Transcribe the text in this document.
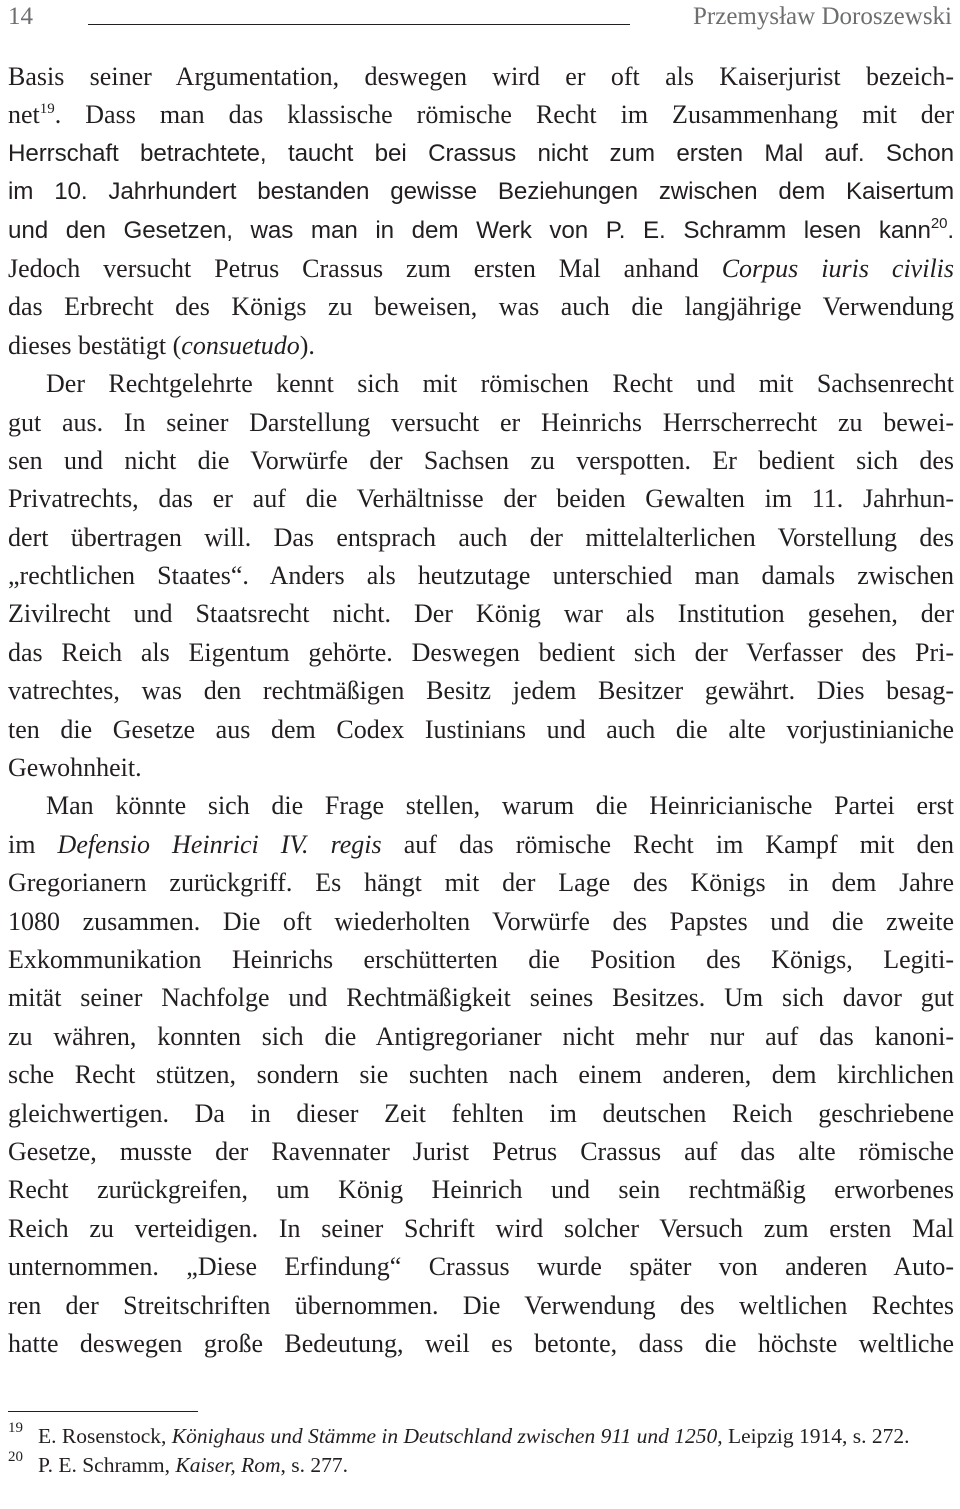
14	Przemysław Doroszewski
Basis seiner Argumentation, deswegen wird er oft als Kaiserjurist bezeich-
net$^{19}$. Dass man das klassische römische Recht im Zusammenhang mit der
Herrschaft betrachtete, taucht bei Crassus nicht zum ersten Mal auf. Schon
im 10. Jahrhundert bestanden gewisse Beziehungen zwischen dem Kaisertum
und den Gesetzen, was man in dem Werk von P. E. Schramm lesen kann$^{20}$.
Jedoch versucht Petrus Crassus zum ersten Mal anhand Corpus iuris civilis
das Erbrecht des Königs zu beweisen, was auch die langjährige Verwendung
dieses bestätigt (consuetudo).
Der Rechtgelehrte kennt sich mit römischen Recht und mit Sachsenrecht
gut aus. In seiner Darstellung versucht er Heinrichs Herrscherrecht zu bewei-
sen und nicht die Vorwürfe der Sachsen zu verspotten. Er bedient sich des
Privatrechts, das er auf die Verhältnisse der beiden Gewalten im 11. Jahrhun-
dert übertragen will. Das entsprach auch der mittelalterlichen Vorstellung des
„rechtlichen Staates“. Anders als heutzutage unterschied man damals zwischen
Zivilrecht und Staatsrecht nicht. Der König war als Institution gesehen, der
das Reich als Eigentum gehörte. Deswegen bedient sich der Verfasser des Pri-
vatrechtes, was den rechtmäßigen Besitz jedem Besitzer gewährt. Dies besag-
ten die Gesetze aus dem Codex Iustinians und auch die alte vorjustinianiche
Gewohnheit.
Man könnte sich die Frage stellen, warum die Heinricianische Partei erst
im Defensio Heinrici IV. regis auf das römische Recht im Kampf mit den
Gregorianern zurückgriff. Es hängt mit der Lage des Königs in dem Jahre
1080 zusammen. Die oft wiederholten Vorwürfe des Papstes und die zweite
Exkommunikation Heinrichs erschütterten die Position des Königs, Legiti-
mität seiner Nachfolge und Rechtmäßigkeit seines Besitzes. Um sich davor gut
zu währen, konnten sich die Antigregorianer nicht mehr nur auf das kanoni-
sche Recht stützen, sondern sie suchten nach einem anderen, dem kirchlichen
gleichwertigen. Da in dieser Zeit fehlten im deutschen Reich geschriebene
Gesetze, musste der Ravennater Jurist Petrus Crassus auf das alte römische
Recht zurückgreifen, um König Heinrich und sein rechtmäßig erworbenes
Reich zu verteidigen. In seiner Schrift wird solcher Versuch zum ersten Mal
unternommen. „Diese Erfindung“ Crassus wurde später von anderen Auto-
ren der Streitschriften übernommen. Die Verwendung des weltlichen Rechtes
hatte deswegen große Bedeutung, weil es betonte, dass die höchste weltliche
19 E. Rosenstock, Könighaus und Stämme in Deutschland zwischen 911 und 1250, Leipzig 1914, s. 272.
20 P. E. Schramm, Kaiser, Rom, s. 277.
